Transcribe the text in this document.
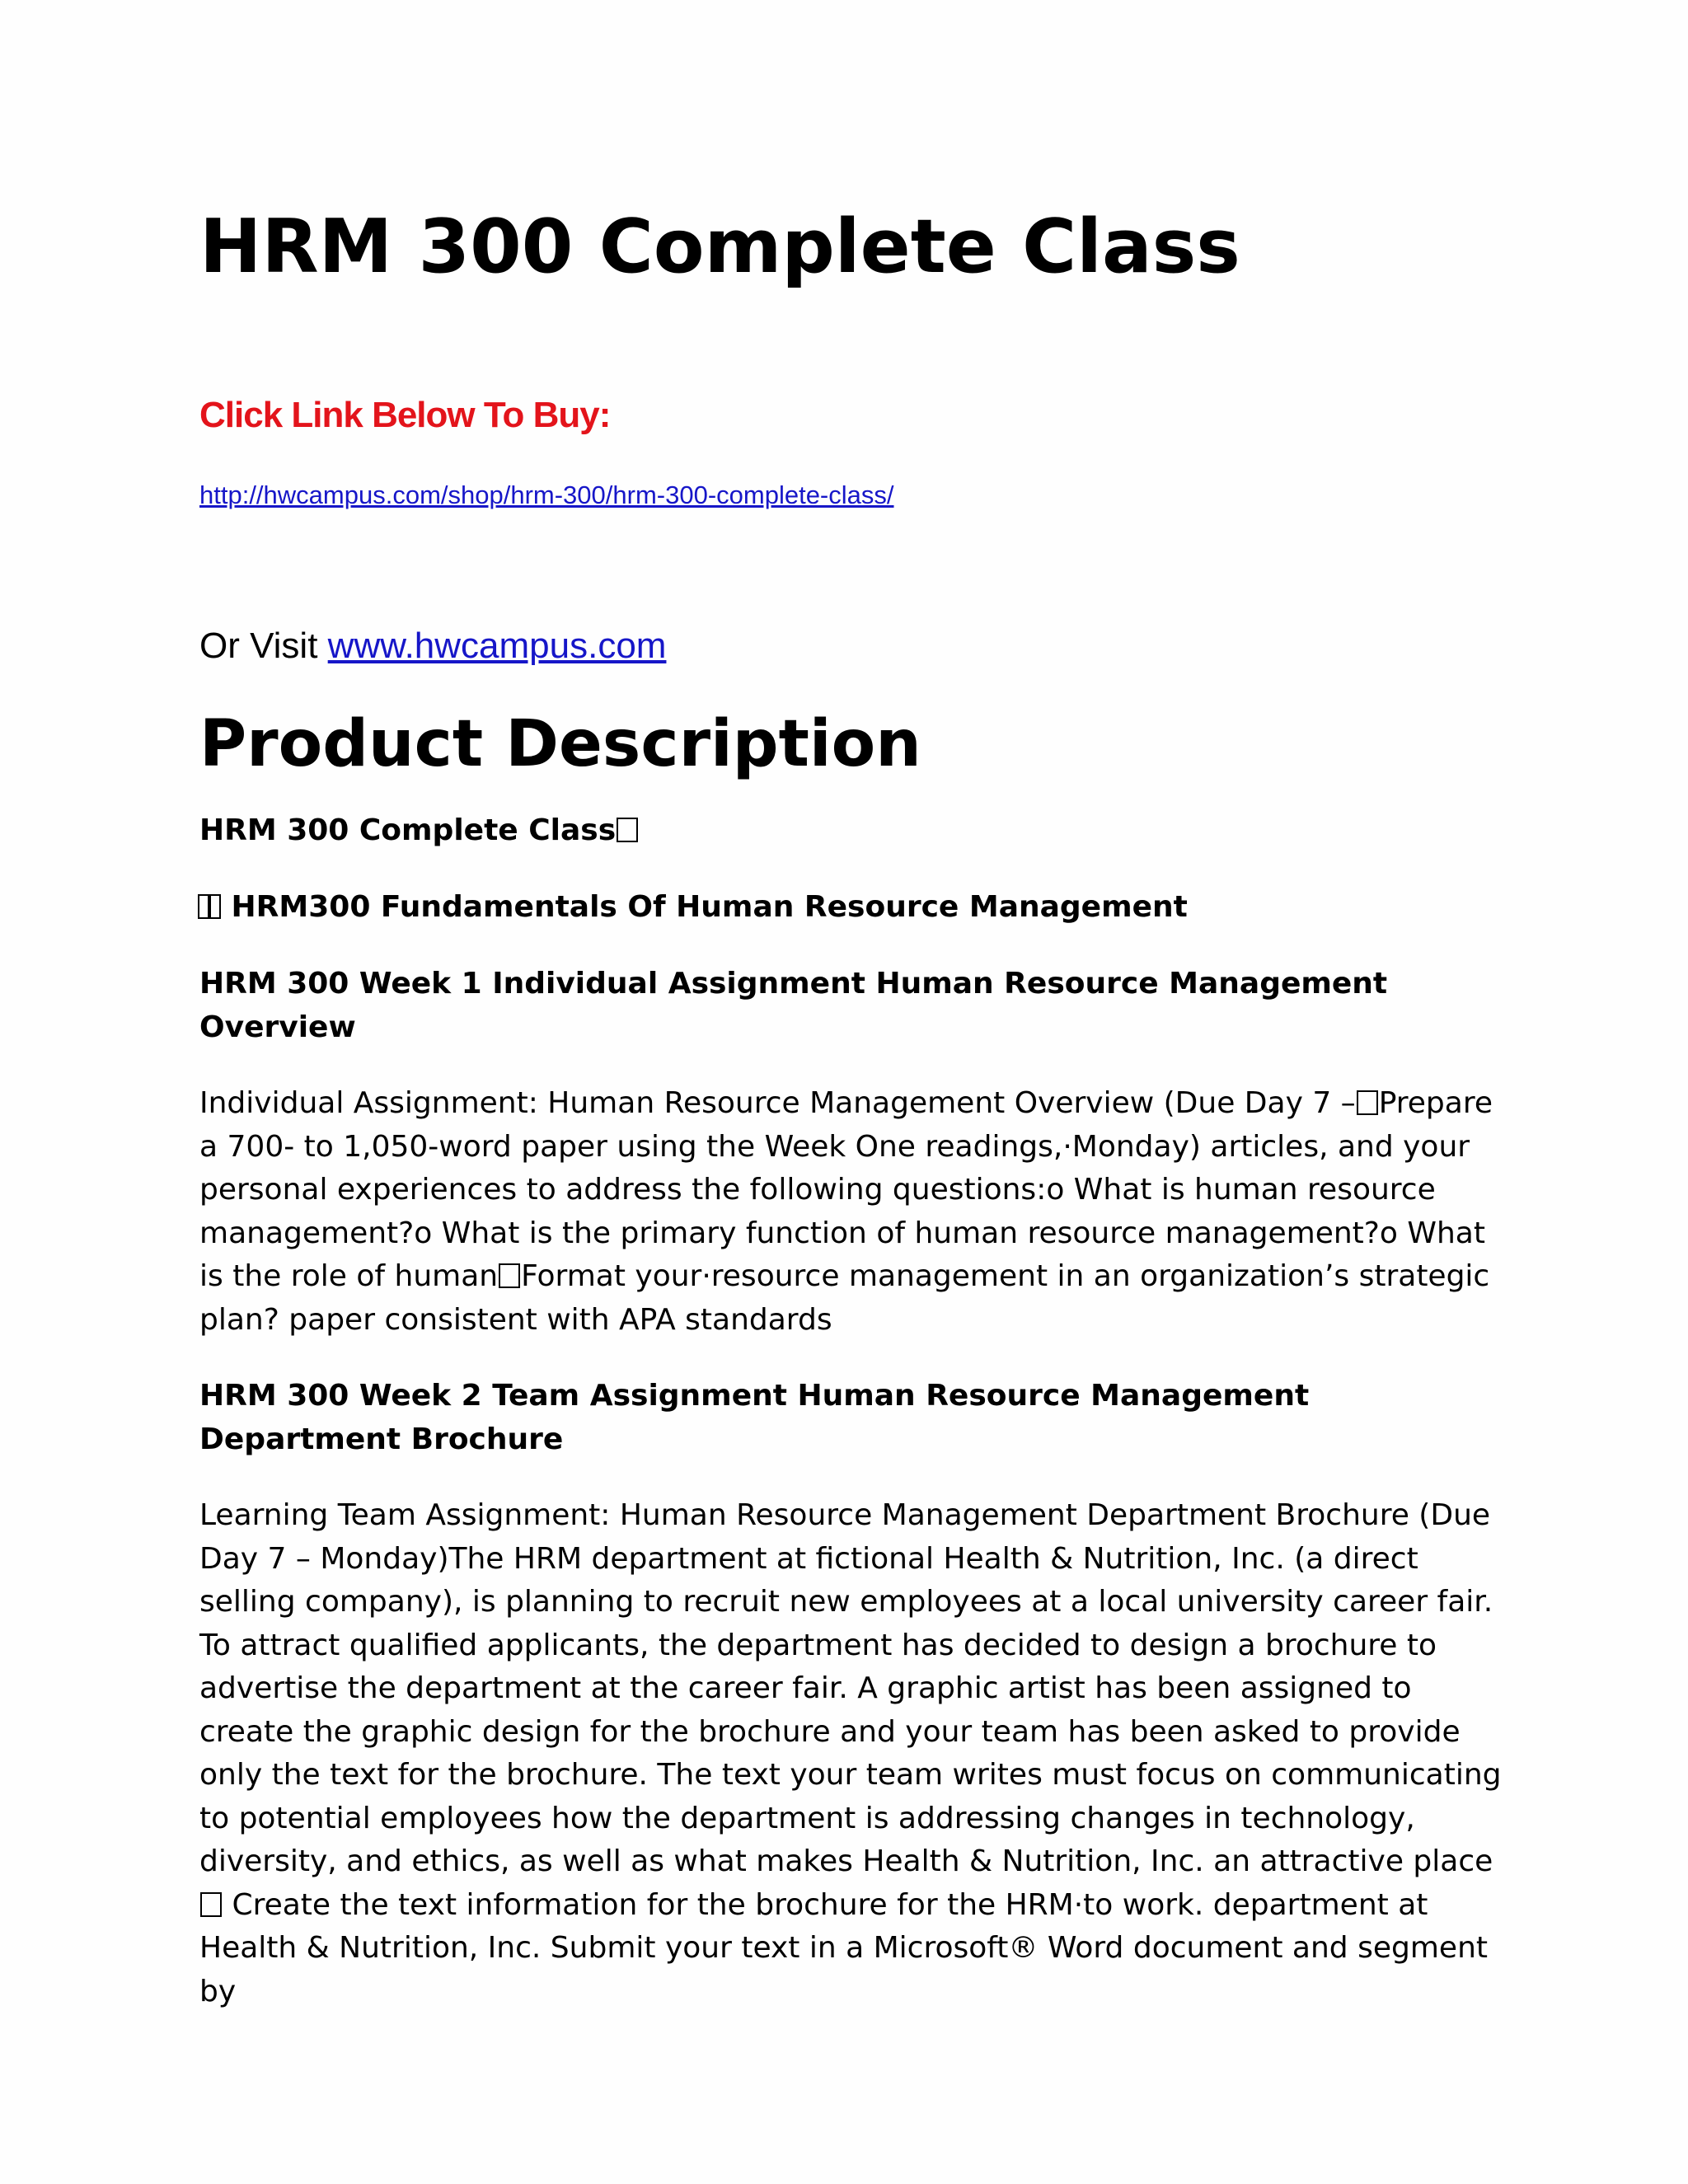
HRM 300 Complete Class
Click Link Below To Buy:
http://hwcampus.com/shop/hrm-300/hrm-300-complete-class/
Or Visit www.hwcampus.com
Product Description
HRM 300 Complete Class
HRM300 Fundamentals Of Human Resource Management
HRM 300 Week 1 Individual Assignment Human Resource Management Overview
Individual Assignment: Human Resource Management Overview (Due Day 7 – Prepare a 700- to 1,050-word paper using the Week One readings,·Monday) articles, and your personal experiences to address the following questions:o What is human resource management?o What is the primary function of human resource management?o What is the role of human Format your·resource management in an organization’s strategic plan? paper consistent with APA standards
HRM 300 Week 2 Team Assignment Human Resource Management Department Brochure
Learning Team Assignment: Human Resource Management Department Brochure (Due Day 7 – Monday)The HRM department at fictional Health & Nutrition, Inc. (a direct selling company), is planning to recruit new employees at a local university career fair. To attract qualified applicants, the department has decided to design a brochure to advertise the department at the career fair. A graphic artist has been assigned to create the graphic design for the brochure and your team has been asked to provide only the text for the brochure. The text your team writes must focus on communicating to potential employees how the department is addressing changes in technology, diversity, and ethics, as well as what makes Health & Nutrition, Inc. an attractive place Create the text information for the brochure for the HRM·to work. department at Health & Nutrition, Inc. Submit your text in a Microsoft® Word document and segment by
